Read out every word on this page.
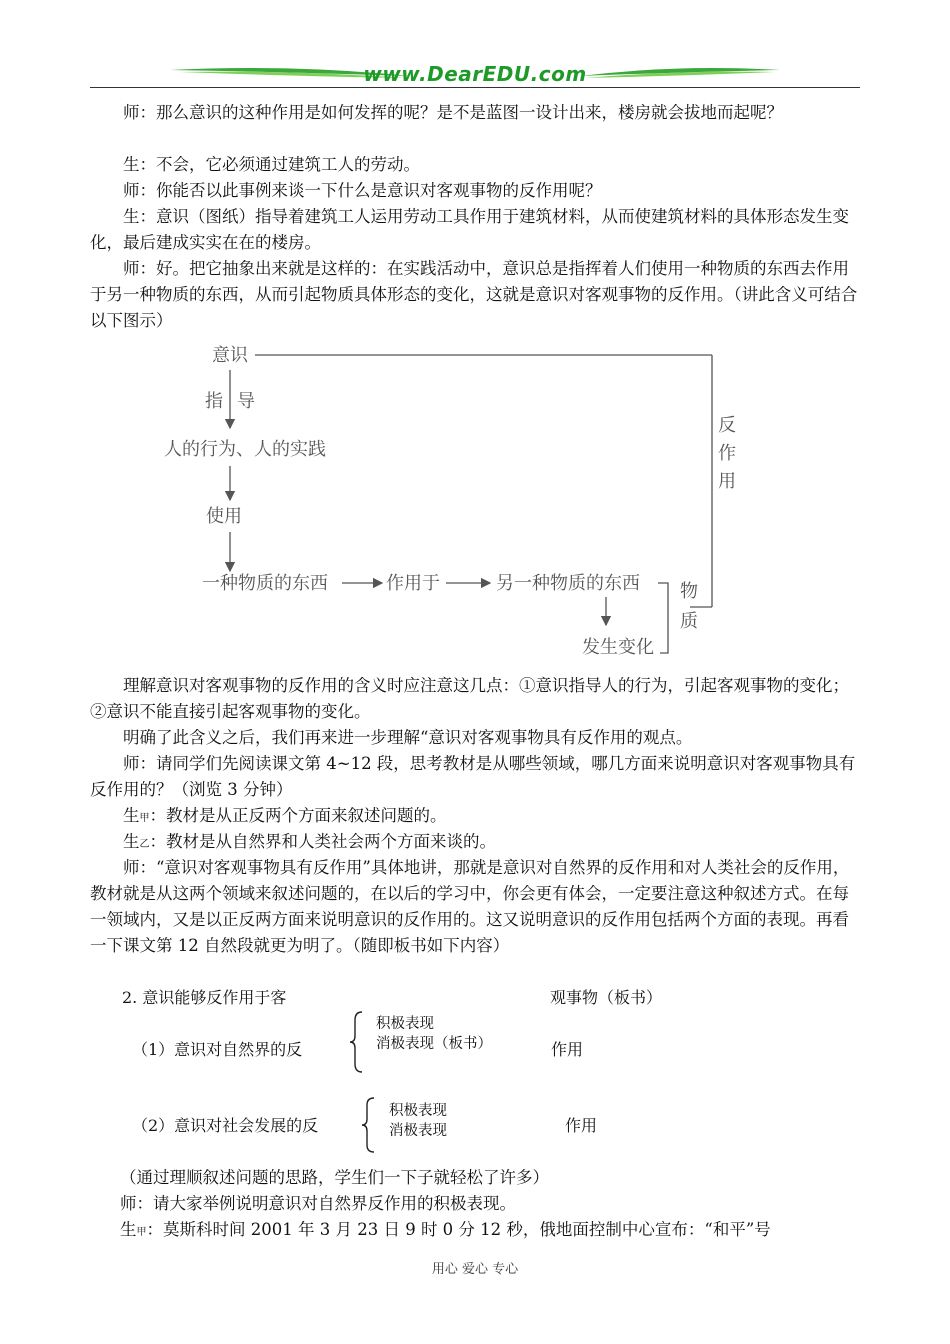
www.DearEDU.com

师：那么意识的这种作用是如何发挥的呢？是不是蓝图一设计出来，楼房就会拔地而起呢？

生：不会，它必须通过建筑工人的劳动。

师：你能否以此事例来谈一下什么是意识对客观事物的反作用呢？

生：意识（图纸）指导着建筑工人运用劳动工具作用于建筑材料，从而使建筑材料的具体形态发生变化，最后建成实实在在的楼房。

师：好。把它抽象出来就是这样的：在实践活动中，意识总是指挥着人们使用一种物质的东西去作用于另一种物质的东西，从而引起物质具体形态的变化，这就是意识对客观事物的反作用。（讲此含义可结合以下图示）

意识
反
作
用
指 导
人的行为、人的实践
使用
一种物质的东西	作用于	另一种物质的东西
发生变化
物
质

理解意识对客观事物的反作用的含义时应注意这几点：①意识指导人的行为，引起客观事物的变化；②意识不能直接引起客观事物的变化。

明确了此含义之后，我们再来进一步理解“意识对客观事物具有反作用的观点。

师：请同学们先阅读课文第 4~12 段，思考教材是从哪些领域，哪几方面来说明意识对客观事物具有反作用的？（浏览 3 分钟）

生甲：教材是从正反两个方面来叙述问题的。

生乙：教材是从自然界和人类社会两个方面来谈的。

师：“意识对客观事物具有反作用”具体地讲，那就是意识对自然界的反作用和对人类社会的反作用，教材就是从这两个领域来叙述问题的，在以后的学习中，你会更有体会，一定要注意这种叙述方式。在每一领域内，又是以正反两方面来说明意识的反作用的。这又说明意识的反作用包括两个方面的表现。再看一下课文第 12 自然段就更为明了。（随即板书如下内容）

2. 意识能够反作用于客	观事物（板书）
（1）意识对自然界的反
积极表现
消极表现（板书）	作用
（2）意识对社会发展的反
积极表现
消极表现	作用

（通过理顺叙述问题的思路，学生们一下子就轻松了许多）

师：请大家举例说明意识对自然界反作用的积极表现。

生甲：莫斯科时间 2001 年 3 月 23 日 9 时 0 分 12 秒，俄地面控制中心宣布：“和平”号

用心 爱心 专心
